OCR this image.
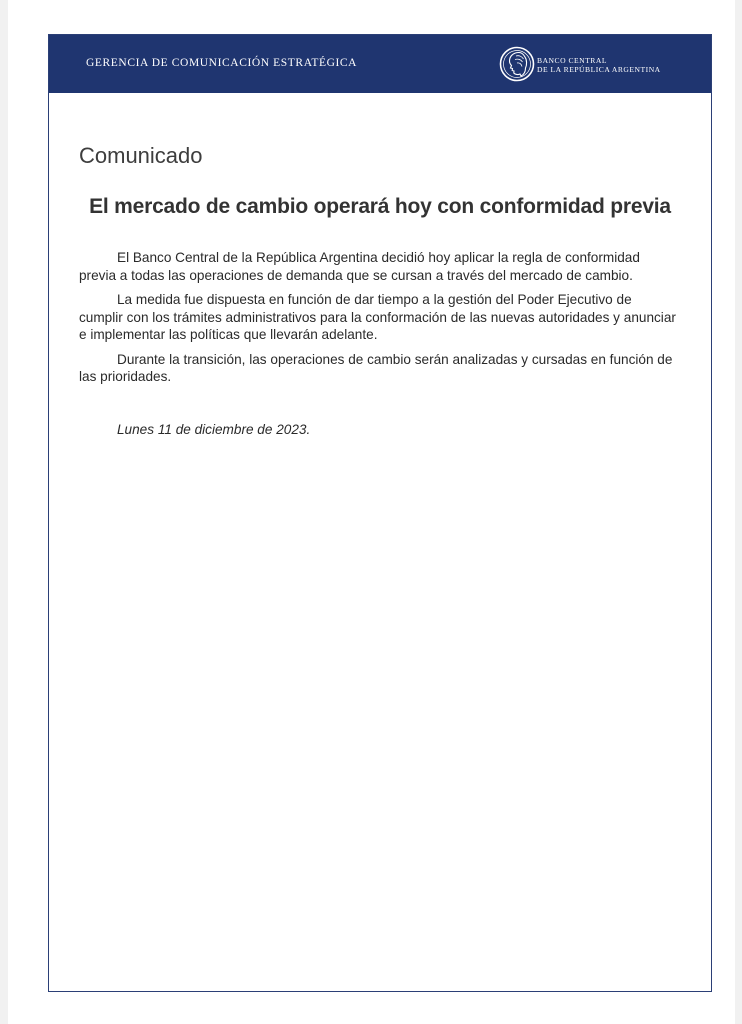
GERENCIA DE COMUNICACIÓN ESTRATÉGICA	BANCO CENTRAL
DE LA REPÚBLICA ARGENTINA
Comunicado
El mercado de cambio operará hoy con conformidad previa

El Banco Central de la República Argentina decidió hoy aplicar la regla de conformidad previa a todas las operaciones de demanda que se cursan a través del mercado de cambio.

La medida fue dispuesta en función de dar tiempo a la gestión del Poder Ejecutivo de cumplir con los trámites administrativos para la conformación de las nuevas autoridades y anunciar e implementar las políticas que llevarán adelante.

Durante la transición, las operaciones de cambio serán analizadas y cursadas en función de las prioridades.

Lunes 11 de diciembre de 2023.
